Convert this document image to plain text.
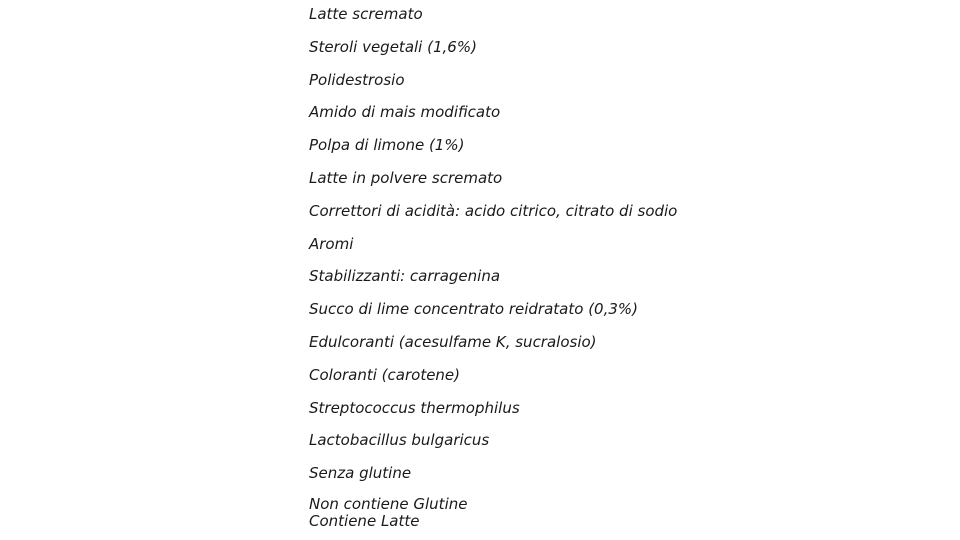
Latte scremato
Steroli vegetali (1,6%)
Polidestrosio
Amido di mais modificato
Polpa di limone (1%)
Latte in polvere scremato
Correttori di acidità: acido citrico, citrato di sodio
Aromi
Stabilizzanti: carragenina
Succo di lime concentrato reidratato (0,3%)
Edulcoranti (acesulfame K, sucralosio)
Coloranti (carotene)
Streptococcus thermophilus
Lactobacillus bulgaricus
Senza glutine
Non contiene Glutine
Contiene Latte
